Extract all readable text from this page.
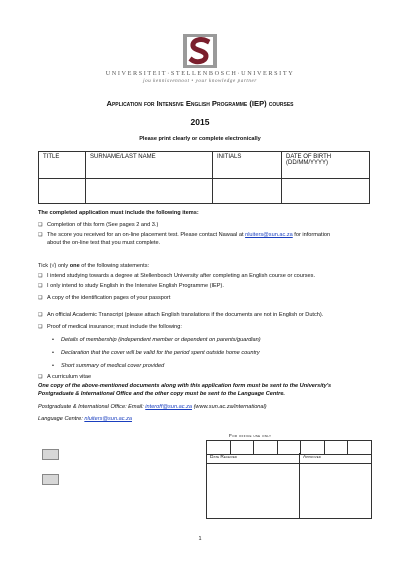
UNIVERSITEIT·STELLENBOSCH·UNIVERSITY
jou kennisvennoot • your knowledge partner
Application for Intensive English Programme (IEP) courses
2015
Please print clearly or complete electronically
TITLE	SURNAME/LAST NAME	INITIALS	DATE OF BIRTH (DD/MM/YYYY)

The completed application must include the following items:
❑ Completion of this form (See pages 2 and 3.)
❑ The score you received for an on-line placement test. Please contact Nawaal at nluiters@sun.ac.za for information
about the on-line test that you must complete.
Tick (√) only one of the following statements:
❑ I intend studying towards a degree at Stellenbosch University after completing an English course or courses.
❑ I only intend to study English in the Intensive English Programme (IEP).
❑ A copy of the identification pages of your passport
❑ An official Academic Transcript (please attach English translations if the documents are not in English or Dutch).
❑ Proof of medical insurance; must include the following:
• Details of membership (independent member or dependent on parents/guardian)
• Declaration that the cover will be valid for the period spent outside home country
• Short summary of medical cover provided
❑ A curriculum vitae
One copy of the above-mentioned documents along with this application form must be sent to the University's
Postgraduate & International Office and the other copy must be sent to the Language Centre.
Postgraduate & International Office: Email: interoff@sun.ac.za (www.sun.ac.za/international)
Language Centre: nluiters@sun.ac.za
For office use only
Date Received	Approved
1
